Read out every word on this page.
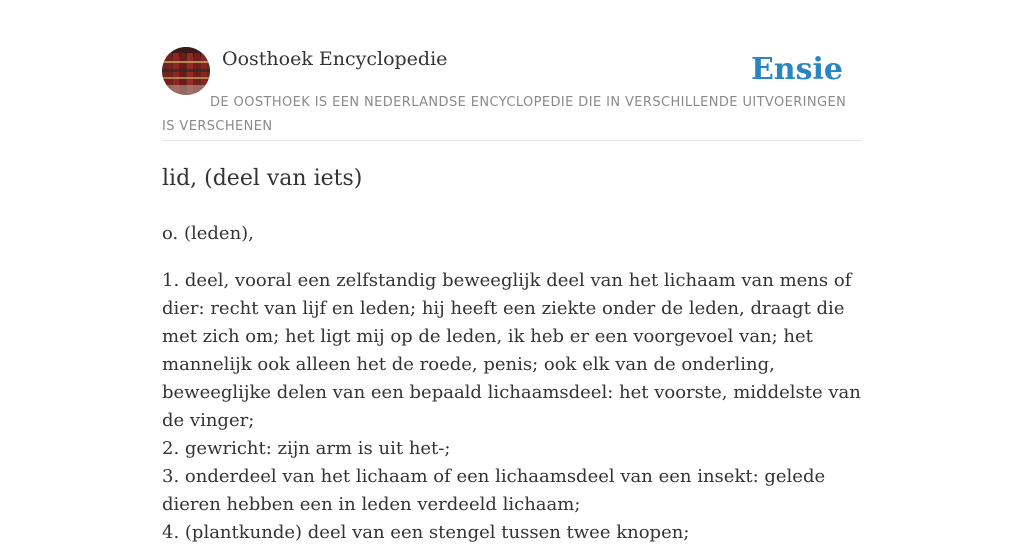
Oosthoek Encyclopedie	Ensie
DE OOSTHOEK IS EEN NEDERLANDSE ENCYCLOPEDIE DIE IN VERSCHILLENDE UITVOERINGEN IS VERSCHENEN
lid, (deel van iets)

o. (leden),

1. deel, vooral een zelfstandig beweeglijk deel van het lichaam van mens of dier: recht van lijf en leden; hij heeft een ziekte onder de leden, draagt die met zich om; het ligt mij op de leden, ik heb er een voorgevoel van; het mannelijk ook alleen het de roede, penis; ook elk van de onderling, beweeglijke delen van een bepaald lichaamsdeel: het voorste, middelste van de vinger;
2. gewricht: zijn arm is uit het-;
3. onderdeel van het lichaam of een lichaamsdeel van een insekt: gelede dieren hebben een in leden verdeeld lichaam;
4. (plantkunde) deel van een stengel tussen twee knopen;
